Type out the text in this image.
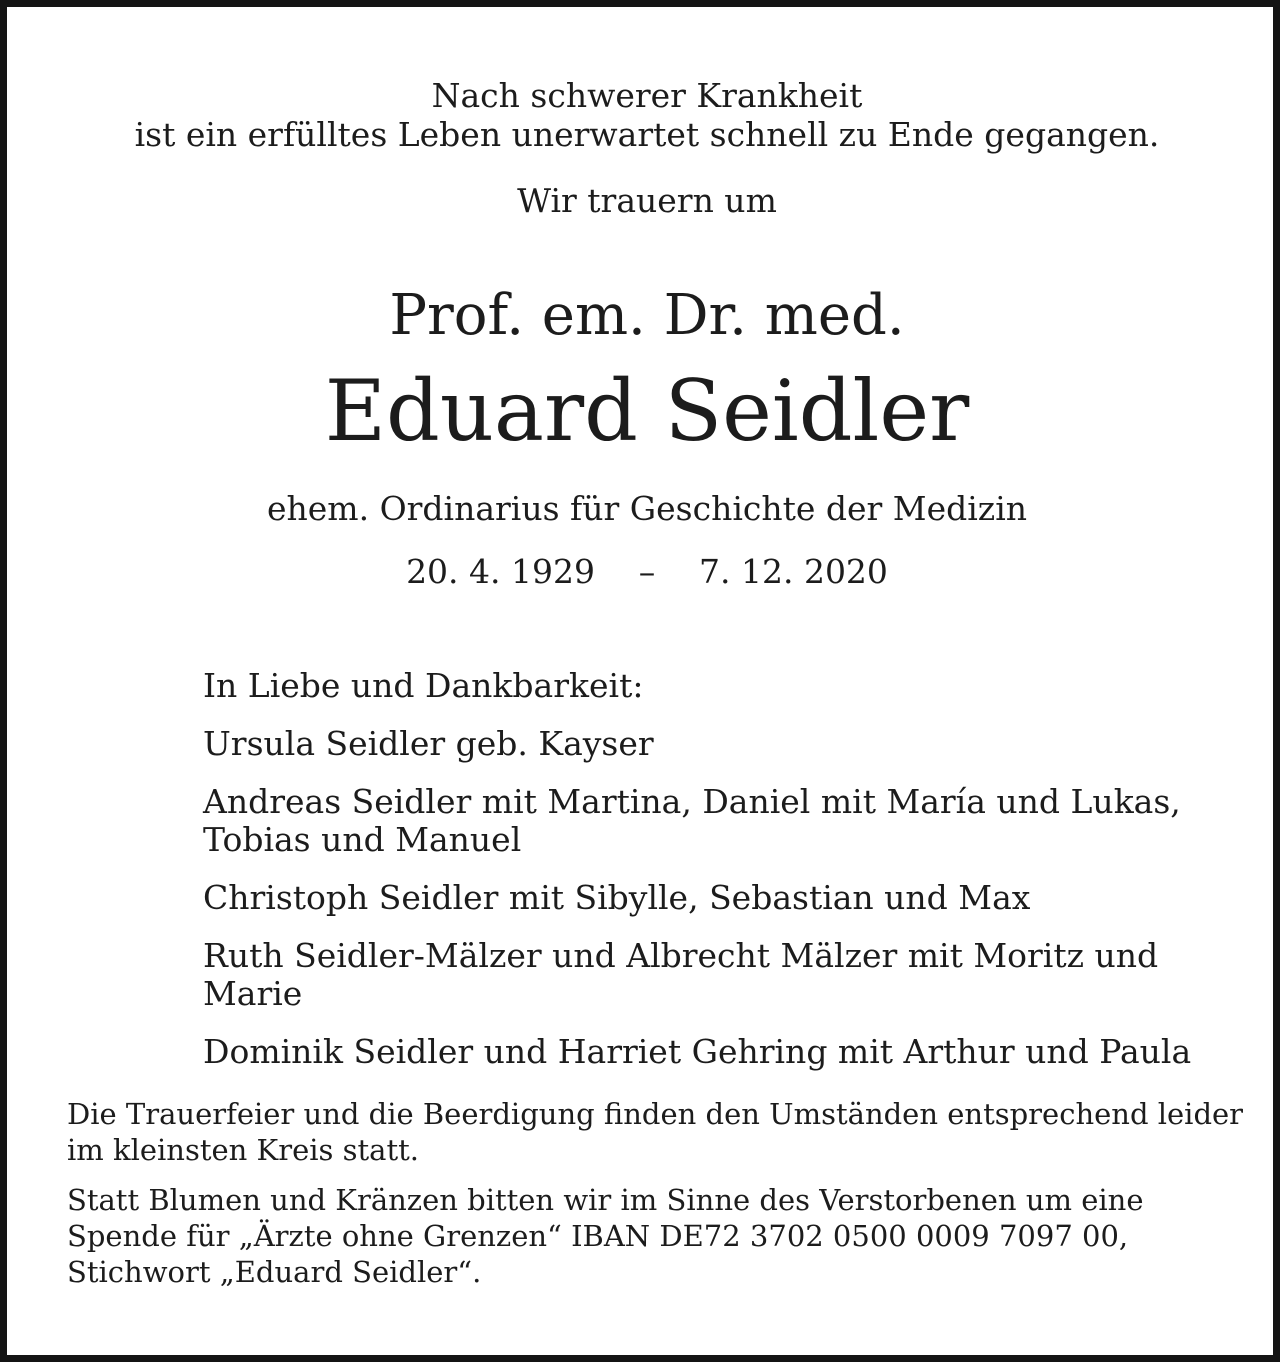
Nach schwerer Krankheit
ist ein erfülltes Leben unerwartet schnell zu Ende gegangen.
Wir trauern um
Prof. em. Dr. med.
Eduard Seidler
ehem. Ordinarius für Geschichte der Medizin
20. 4. 1929 – 7. 12. 2020
In Liebe und Dankbarkeit:
Ursula Seidler geb. Kayser
Andreas Seidler mit Martina, Daniel mit María und Lukas,
Tobias und Manuel
Christoph Seidler mit Sibylle, Sebastian und Max
Ruth Seidler-Mälzer und Albrecht Mälzer mit Moritz und Marie
Dominik Seidler und Harriet Gehring mit Arthur und Paula

Die Trauerfeier und die Beerdigung finden den Umständen entsprechend leider im kleinsten Kreis statt.

Statt Blumen und Kränzen bitten wir im Sinne des Verstorbenen um eine Spende für „Ärzte ohne Grenzen“ IBAN DE72 3702 0500 0009 7097 00, Stichwort „Eduard Seidler“.
